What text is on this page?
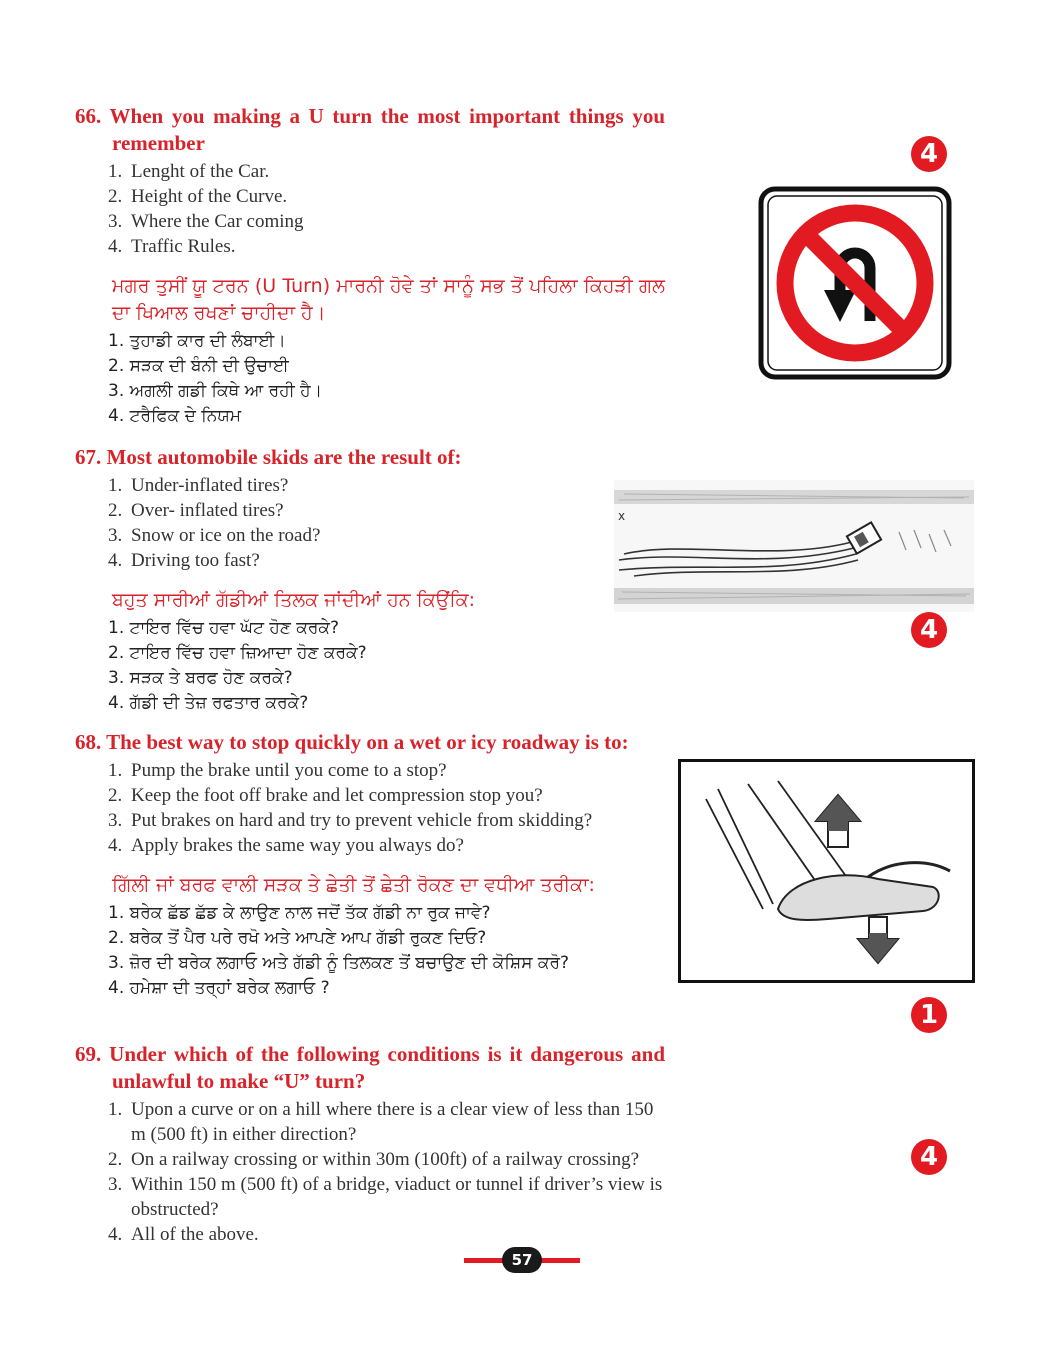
66. When you making a U turn the most important things you remember
1. Lenght of the Car.
2. Height of the Curve.
3. Where the Car coming
4. Traffic Rules.
ਮਗਰ ਤੁਸੀਂ ਯੂ ਟਰਨ (U Turn) ਮਾਰਨੀ ਹੋਵੇ ਤਾਂ ਸਾਨੂੰ ਸਭ ਤੋਂ ਪਹਿਲਾ ਕਿਹੜੀ ਗਲ ਦਾ ਖਿਆਲ ਰਖਣਾਂ ਚਾਹੀਦਾ ਹੈ।
1. ਤੁਹਾਡੀ ਕਾਰ ਦੀ ਲੰਬਾਈ।
2. ਸੜਕ ਦੀ ਬੰਨੀ ਦੀ ਉਚਾਈ
3. ਅਗਲੀ ਗਡੀ ਕਿਥੇ ਆ ਰਹੀ ਹੈ।
4. ਟਰੈਫਿਕ ਦੇ ਨਿਯਮ
4
67. Most automobile skids are the result of:
1. Under-inflated tires?
2. Over- inflated tires?
3. Snow or ice on the road?
4. Driving too fast?
ਬਹੁਤ ਸਾਰੀਆਂ ਗੱਡੀਆਂ ਤਿਲਕ ਜਾਂਦੀਆਂ ਹਨ ਕਿਉਂਕਿ:
1. ਟਾਇਰ ਵਿੱਚ ਹਵਾ ਘੱਟ ਹੋਣ ਕਰਕੇ?
2. ਟਾਇਰ ਵਿੱਚ ਹਵਾ ਜ਼ਿਆਦਾ ਹੋਣ ਕਰਕੇ?
3. ਸੜਕ ਤੇ ਬਰਫ ਹੋਣ ਕਰਕੇ?
4. ਗੱਡੀ ਦੀ ਤੇਜ਼ ਰਫਤਾਰ ਕਰਕੇ?
x
4
68. The best way to stop quickly on a wet or icy roadway is to:
1. Pump the brake until you come to a stop?
2. Keep the foot off brake and let compression stop you?
3. Put brakes on hard and try to prevent vehicle from skidding?
4. Apply brakes the same way you always do?
ਗਿੱਲੀ ਜਾਂ ਬਰਫ ਵਾਲੀ ਸੜਕ ਤੇ ਛੇਤੀ ਤੋਂ ਛੇਤੀ ਰੋਕਣ ਦਾ ਵਧੀਆ ਤਰੀਕਾ:
1. ਬਰੇਕ ਛੱਡ ਛੱਡ ਕੇ ਲਾਉਣ ਨਾਲ ਜਦੋਂ ਤੱਕ ਗੱਡੀ ਨਾ ਰੁਕ ਜਾਵੇ?
2. ਬਰੇਕ ਤੋਂ ਪੈਰ ਪਰੇ ਰਖੋ ਅਤੇ ਆਪਣੇ ਆਪ ਗੱਡੀ ਰੁਕਣ ਦਿਓ?
3. ਜ਼ੋਰ ਦੀ ਬਰੇਕ ਲਗਾਓ ਅਤੇ ਗੱਡੀ ਨੂੰ ਤਿਲਕਣ ਤੋਂ ਬਚਾਉਣ ਦੀ ਕੋਸ਼ਿਸ ਕਰੋ?
4. ਹਮੇਸ਼ਾ ਦੀ ਤਰ੍ਹਾਂ ਬਰੇਕ ਲਗਾਓ ?
1
69. Under which of the following conditions is it dangerous and unlawful to make “U” turn?
1. Upon a curve or on a hill where there is a clear view of less than 150 m (500 ft) in either direction?
2. On a railway crossing or within 30m (100ft) of a railway crossing?
3. Within 150 m (500 ft) of a bridge, viaduct or tunnel if driver’s view is obstructed?
4. All of the above.
4
57
